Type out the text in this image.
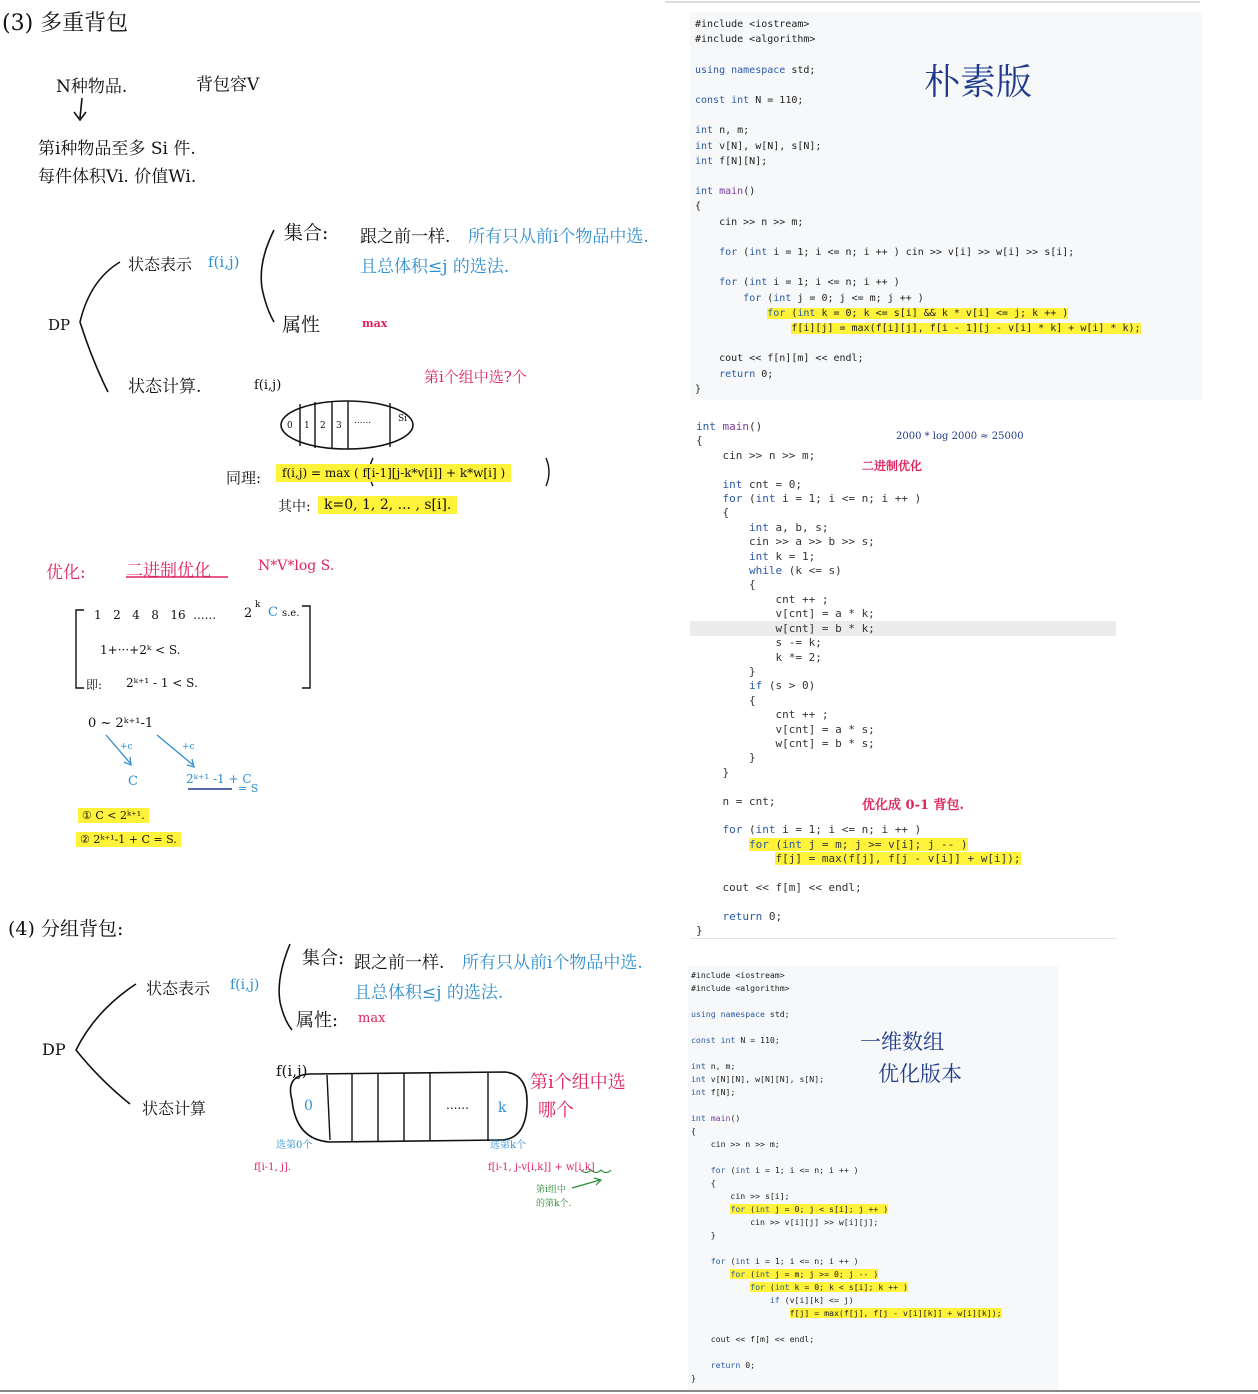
(3) 多重背包
N种物品.	背包容V
第i种物品至多 Si 件.
每件体积Vi. 价值Wi.
DP
状态表示 f(i,j)
集合: 跟之前一样. 所有只从前i个物品中选.
且总体积≤j 的选法.
属性	max
状态计算.	f(i,j)	第i个组中选?个
0 1 2 3 ......	Si
同理:	f(i,j) = max ( f[i-1][j-k*v[i]] + k*w[i] )
其中: k=0, 1, 2, ... , s[i].
优化: 二进制优化	N*V*log S.
1   2   4   8   16  ...... 2
k C s.e.
1+···+2ᵏ < S.
即: 2ᵏ⁺¹ - 1 < S.
0 ~ 2ᵏ⁺¹-1
+c	+c
C	2ᵏ⁺¹ -1 + C
= S
① C < 2ᵏ⁺¹.
② 2ᵏ⁺¹-1 + C = S.
(4) 分组背包:
DP
状态表示 f(i,j)
集合: 跟之前一样. 所有只从前i个物品中选.
且总体积≤j 的选法.
属性: max
状态计算
f(i,j)
第i个组中选
哪个
0	...... k
选第0个	选第k个
f[i-1, j].	f[i-1, j-v[i,k]] + w[i,k]
第i组中
的第k个.
#include <iostream>
#include <algorithm>

using namespace std;

const int N = 110;

int n, m;
int v[N], w[N], s[N];
int f[N][N];

int main()
{
cin >> n >> m;

for (int i = 1; i <= n; i ++ ) cin >> v[i] >> w[i] >> s[i];

for (int i = 1; i <= n; i ++ )
for (int j = 0; j <= m; j ++ )
for (int k = 0; k <= s[i] && k * v[i] <= j; k ++ )
f[i][j] = max(f[i][j], f[i - 1][j - v[i] * k] + w[i] * k);

cout << f[n][m] << endl;
return 0;
}

朴素版
int main()
{
cin >> n >> m;

int cnt = 0;
for (int i = 1; i <= n; i ++ )
{
int a, b, s;
cin >> a >> b >> s;
int k = 1;
while (k <= s)
{
cnt ++ ;
v[cnt] = a * k;
w[cnt] = b * k;
s -= k;
k *= 2;
}
if (s > 0)
{
cnt ++ ;
v[cnt] = a * s;
w[cnt] = b * s;
}
}

n = cnt;

for (int i = 1; i <= n; i ++ )
for (int j = m; j >= v[i]; j -- )
f[j] = max(f[j], f[j - v[i]] + w[i]);

cout << f[m] << endl;

return 0;
}

2000 * log 2000 ≈ 25000
二进制优化
优化成 0-1 背包.
#include <iostream>
#include <algorithm>

using namespace std;

const int N = 110;

int n, m;
int v[N][N], w[N][N], s[N];
int f[N];

int main()
{
cin >> n >> m;

for (int i = 1; i <= n; i ++ )
{
cin >> s[i];
for (int j = 0; j < s[i]; j ++ )
cin >> v[i][j] >> w[i][j];
}

for (int i = 1; i <= n; i ++ )
for (int j = m; j >= 0; j -- )
for (int k = 0; k < s[i]; k ++ )
if (v[i][k] <= j)
f[j] = max(f[j], f[j - v[i][k]] + w[i][k]);

cout << f[m] << endl;

return 0;
}

一维数组
优化版本
